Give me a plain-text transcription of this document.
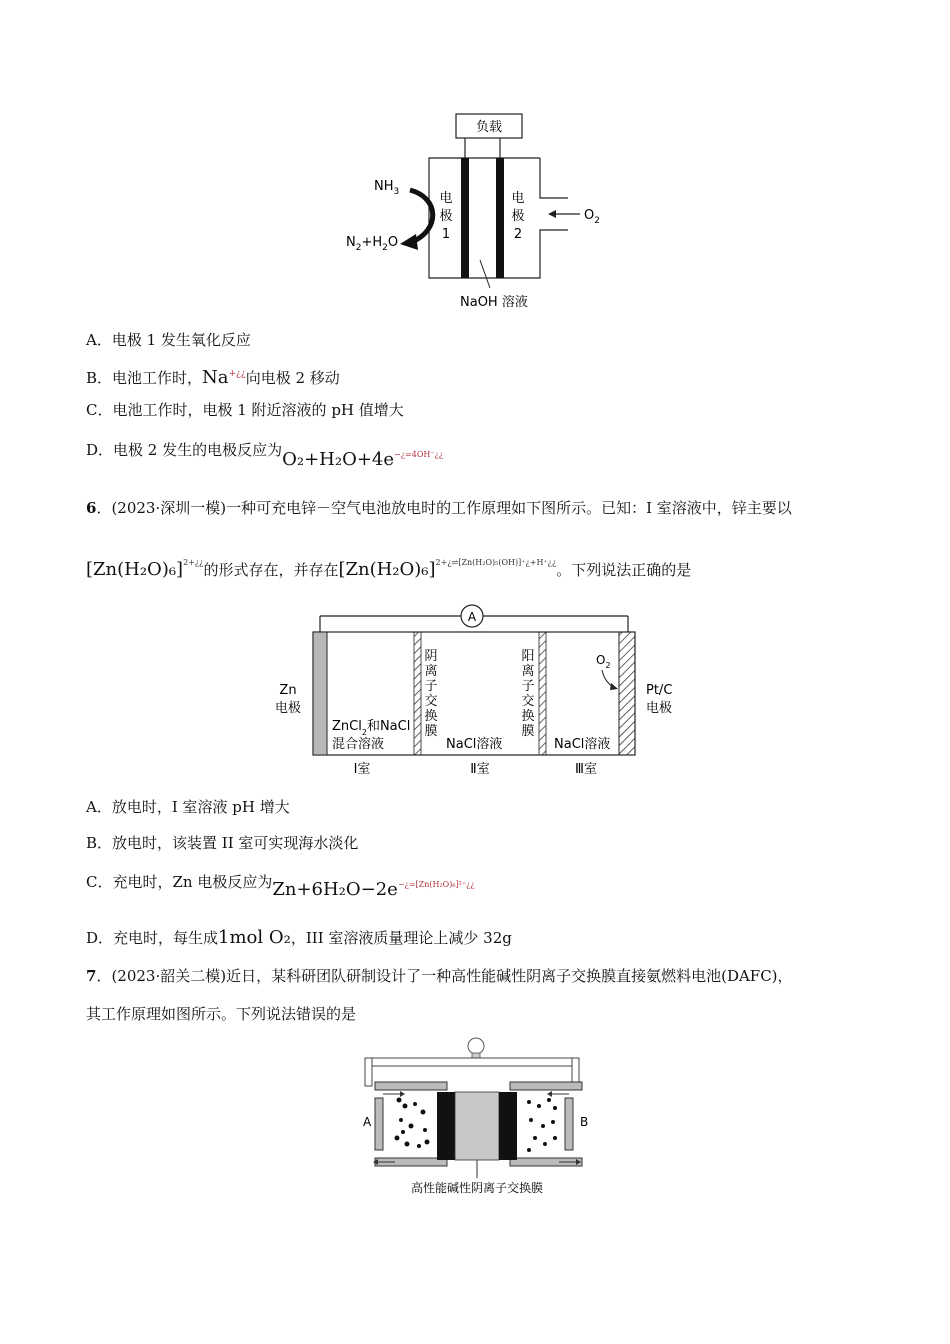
负载
电极 1
电极 2
$NH_3$
$N_2+H_2O$
$O_2$
NaOH 溶液
A．电极 1 发生氧化反应
B．电池工作时，Na+¿¿向电极 2 移动
C．电池工作时，电极 1 附近溶液的 pH 值增大
D．电极 2 发生的电极反应为O₂+H₂O+4e−¿=4OH⁻¿¿
6．(2023·深圳一模)一种可充电锌－空气电池放电时的工作原理如下图所示。已知：I 室溶液中，锌主要以
$[Zn(H_2O)_6]^{2+¿¿}$的形式存在，并存在$[Zn(H_2O)_6]^{2+¿\rightleftharpoons[Zn(H_2O)_5(OH)]^+¿+H^+¿¿}$。下列说法正确的是
A
Zn 电极
阴离子交换膜
阳离子交换膜
ZnCl$_2$和NaCl
混合溶液	NaCl溶液	NaCl溶液
$O_2$
Pt/C 电极
Ⅰ室	Ⅱ室	Ⅲ室
A．放电时，I 室溶液 pH 增大
B．放电时，该装置 II 室可实现海水淡化
C．充电时，Zn 电极反应为Zn+6H₂O−2e−¿=[Zn(H₂O)₆]²⁺¿¿
D．充电时，每生成1mol O₂，III 室溶液质量理论上减少 32g
7．(2023·韶关二模)近日，某科研团队研制设计了一种高性能碱性阴离子交换膜直接氨燃料电池(DAFC)，
其工作原理如图所示。下列说法错误的是
A	B
高性能碱性阴离子交换膜
